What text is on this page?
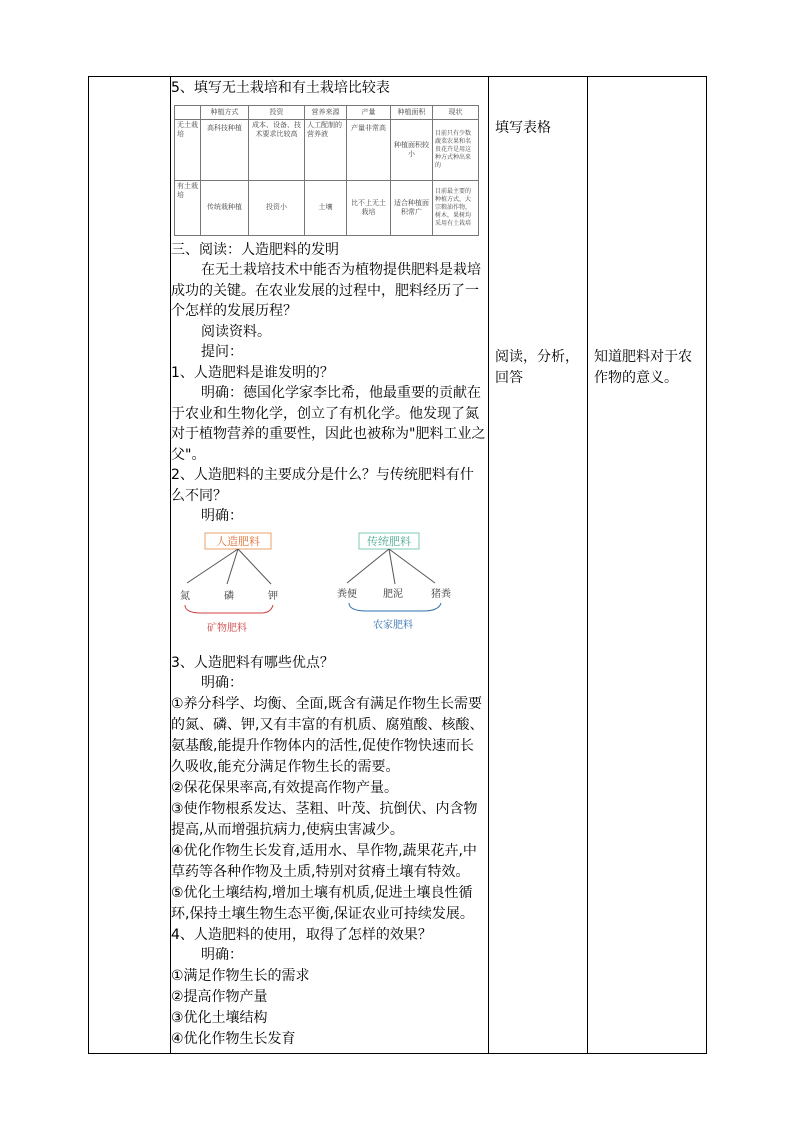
5、填写无土栽培和有土栽培比较表

	种植方式	投资	营养来源	产量	种植面积	现状
无土栽培	高科技种植	成本、设备、技术要求比较高	人工配制的营养液	产量非常高	种植面积较小	目前只有少数蔬菜农果和名贵花卉是用这种方式种出来的
有土栽培	传统栽种植	投资小	土壤	比不上无土栽培	适合种植面积常广	目前最主要的种植方式，大宗粮油作物，树木，果树均采用有土栽培

三、阅读：人造肥料的发明

在无土栽培技术中能否为植物提供肥料是栽培成功的关键。在农业发展的过程中，肥料经历了一个怎样的发展历程？

阅读资料。

提问：

1、人造肥料是谁发明的？

明确：德国化学家李比希，他最重要的贡献在于农业和生物化学，创立了有机化学。他发现了氮对于植物营养的重要性，因此也被称为"肥料工业之父"。

2、人造肥料的主要成分是什么？与传统肥料有什么不同？

明确：

人造肥料
氮	磷	钾
矿物肥料
传统肥料
粪便	肥泥	猪粪
农家肥料

3、人造肥料有哪些优点？

明确：

①养分科学、均衡、全面,既含有满足作物生长需要的氮、磷、钾,又有丰富的有机质、腐殖酸、核酸、氨基酸,能提升作物体内的活性,促使作物快速而长久吸收,能充分满足作物生长的需要。

②保花保果率高,有效提高作物产量。

③使作物根系发达、茎粗、叶茂、抗倒伏、内含物提高,从而增强抗病力,使病虫害减少。

④优化作物生长发育,适用水、旱作物,蔬果花卉,中草药等各种作物及土质,特别对贫瘠土壤有特效。

⑤优化土壤结构,增加土壤有机质,促进土壤良性循环,保持土壤生物生态平衡,保证农业可持续发展。

4、人造肥料的使用，取得了怎样的效果？

明确：

①满足作物生长的需求

②提高作物产量

③优化土壤结构

④优化作物生长发育

填写表格

阅读，分析，回答

知道肥料对于农作物的意义。
